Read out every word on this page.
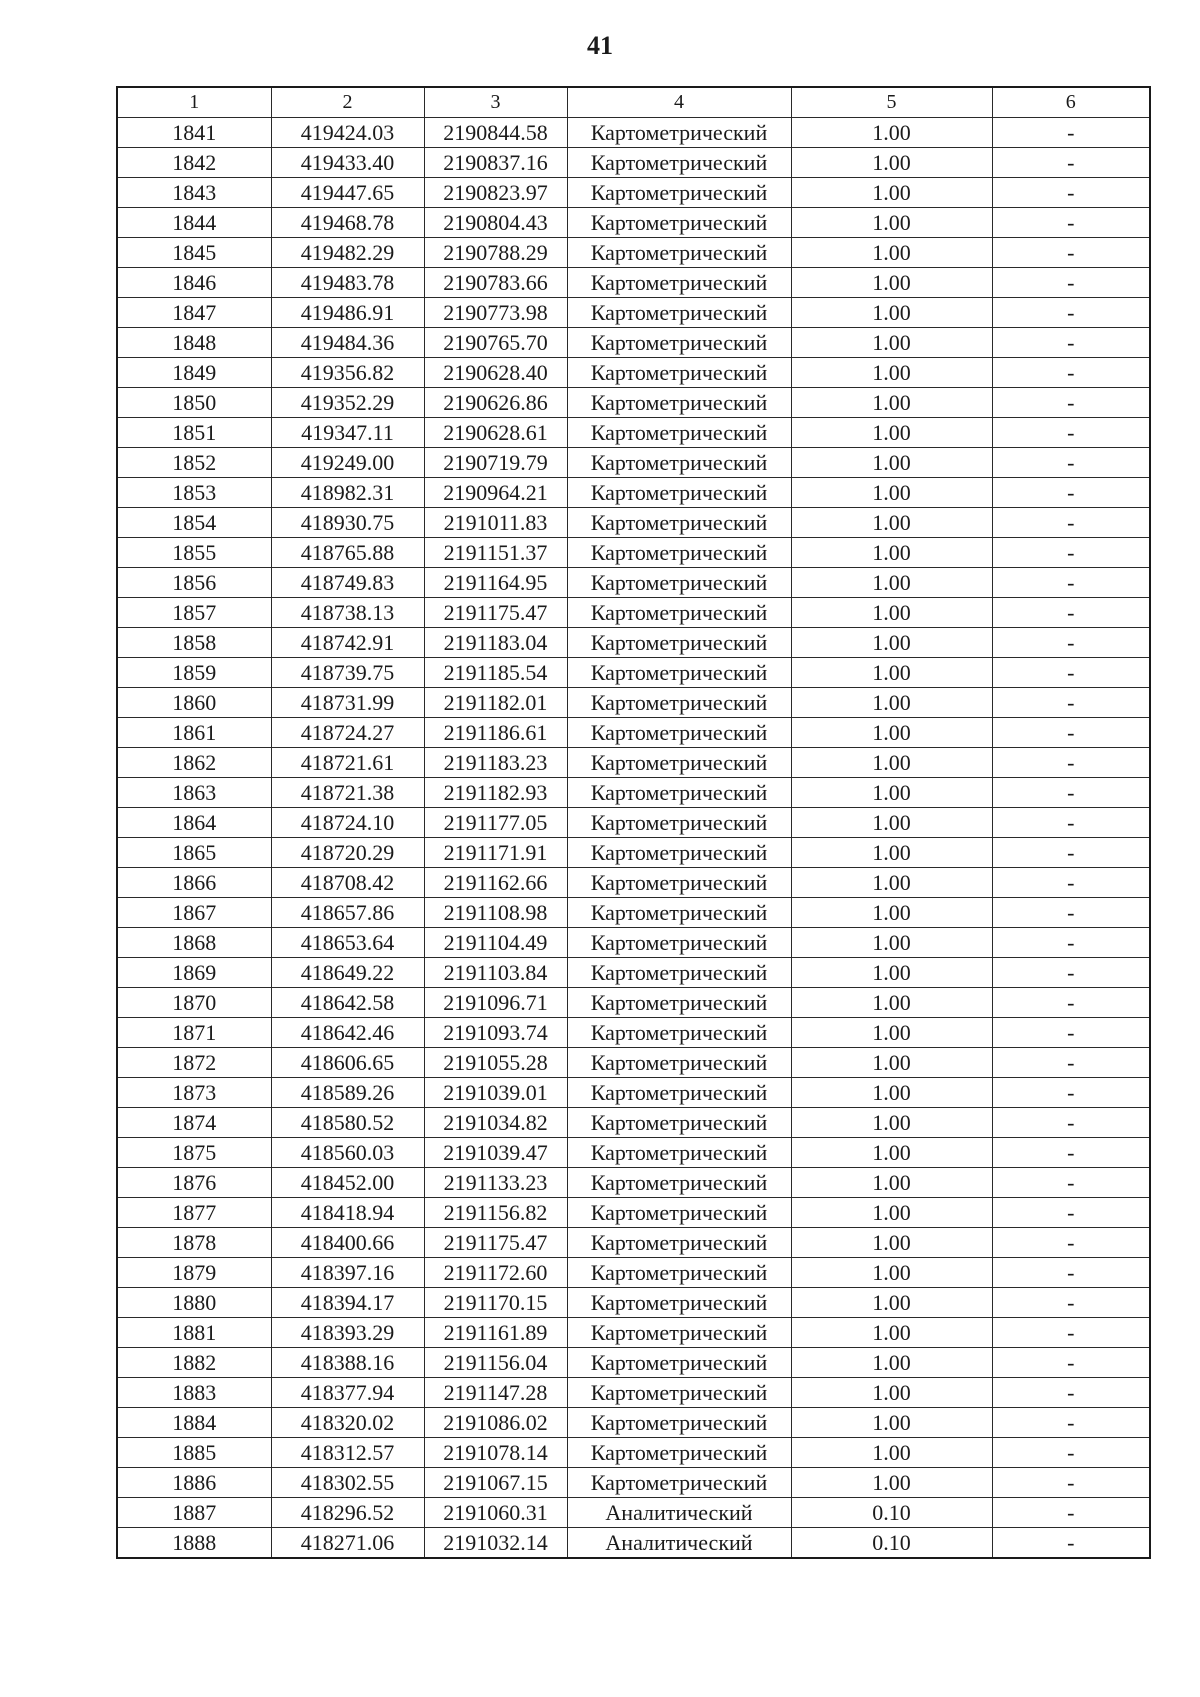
41
1	2	3	4	5	6
1841	419424.03	2190844.58	Картометрический	1.00	-
1842	419433.40	2190837.16	Картометрический	1.00	-
1843	419447.65	2190823.97	Картометрический	1.00	-
1844	419468.78	2190804.43	Картометрический	1.00	-
1845	419482.29	2190788.29	Картометрический	1.00	-
1846	419483.78	2190783.66	Картометрический	1.00	-
1847	419486.91	2190773.98	Картометрический	1.00	-
1848	419484.36	2190765.70	Картометрический	1.00	-
1849	419356.82	2190628.40	Картометрический	1.00	-
1850	419352.29	2190626.86	Картометрический	1.00	-
1851	419347.11	2190628.61	Картометрический	1.00	-
1852	419249.00	2190719.79	Картометрический	1.00	-
1853	418982.31	2190964.21	Картометрический	1.00	-
1854	418930.75	2191011.83	Картометрический	1.00	-
1855	418765.88	2191151.37	Картометрический	1.00	-
1856	418749.83	2191164.95	Картометрический	1.00	-
1857	418738.13	2191175.47	Картометрический	1.00	-
1858	418742.91	2191183.04	Картометрический	1.00	-
1859	418739.75	2191185.54	Картометрический	1.00	-
1860	418731.99	2191182.01	Картометрический	1.00	-
1861	418724.27	2191186.61	Картометрический	1.00	-
1862	418721.61	2191183.23	Картометрический	1.00	-
1863	418721.38	2191182.93	Картометрический	1.00	-
1864	418724.10	2191177.05	Картометрический	1.00	-
1865	418720.29	2191171.91	Картометрический	1.00	-
1866	418708.42	2191162.66	Картометрический	1.00	-
1867	418657.86	2191108.98	Картометрический	1.00	-
1868	418653.64	2191104.49	Картометрический	1.00	-
1869	418649.22	2191103.84	Картометрический	1.00	-
1870	418642.58	2191096.71	Картометрический	1.00	-
1871	418642.46	2191093.74	Картометрический	1.00	-
1872	418606.65	2191055.28	Картометрический	1.00	-
1873	418589.26	2191039.01	Картометрический	1.00	-
1874	418580.52	2191034.82	Картометрический	1.00	-
1875	418560.03	2191039.47	Картометрический	1.00	-
1876	418452.00	2191133.23	Картометрический	1.00	-
1877	418418.94	2191156.82	Картометрический	1.00	-
1878	418400.66	2191175.47	Картометрический	1.00	-
1879	418397.16	2191172.60	Картометрический	1.00	-
1880	418394.17	2191170.15	Картометрический	1.00	-
1881	418393.29	2191161.89	Картометрический	1.00	-
1882	418388.16	2191156.04	Картометрический	1.00	-
1883	418377.94	2191147.28	Картометрический	1.00	-
1884	418320.02	2191086.02	Картометрический	1.00	-
1885	418312.57	2191078.14	Картометрический	1.00	-
1886	418302.55	2191067.15	Картометрический	1.00	-
1887	418296.52	2191060.31	Аналитический	0.10	-
1888	418271.06	2191032.14	Аналитический	0.10	-
